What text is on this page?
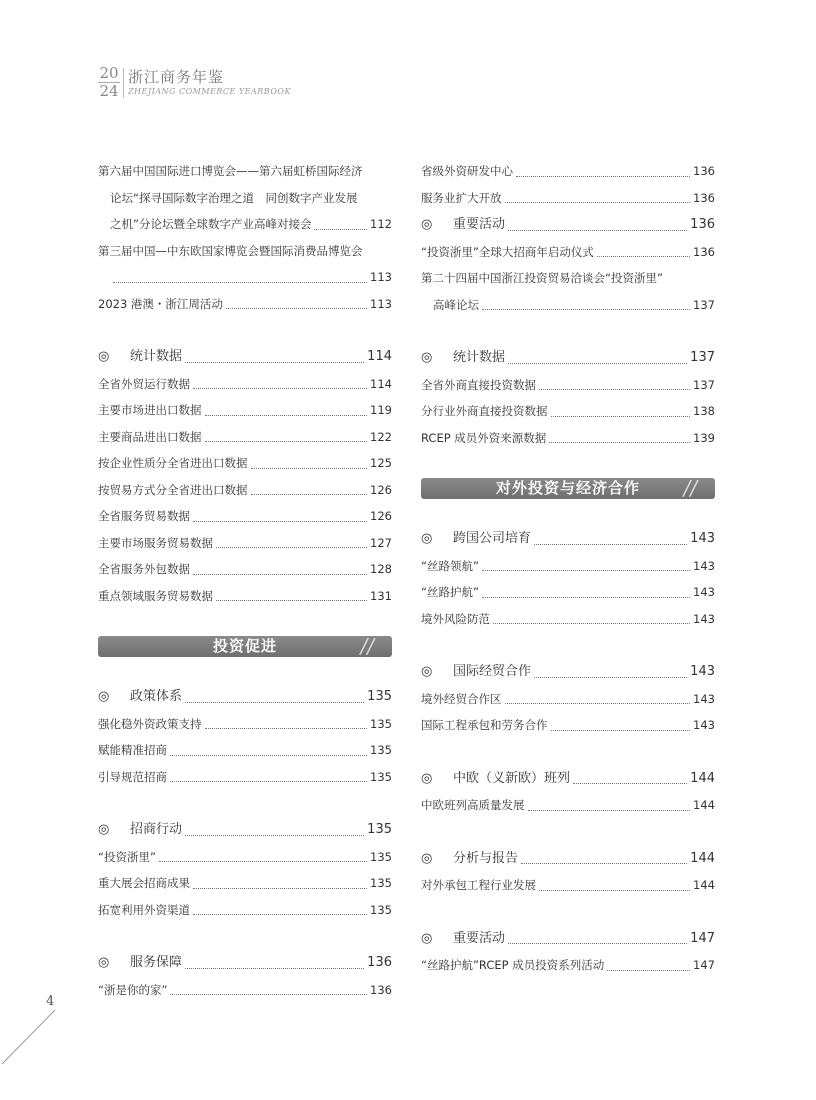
20
24
浙江商务年鉴
ZHEJIANG COMMERCE YEARBOOK
第六届中国国际进口博览会——第六届虹桥国际经济
论坛“探寻国际数字治理之道　同创数字产业发展
之机”分论坛暨全球数字产业高峰对接会	112
第三届中国—中东欧国家博览会暨国际消费品博览会
113
2023 港澳・浙江周活动	113
◎	统计数据	114
全省外贸运行数据	114
主要市场进出口数据	119
主要商品进出口数据	122
按企业性质分全省进出口数据	125
按贸易方式分全省进出口数据	126
全省服务贸易数据	126
主要市场服务贸易数据	127
全省服务外包数据	128
重点领域服务贸易数据	131
投资促进	//
◎	政策体系	135
强化稳外资政策支持	135
赋能精准招商	135
引导规范招商	135
◎	招商行动	135
“投资浙里”	135
重大展会招商成果	135
拓宽利用外资渠道	135
◎	服务保障	136
“浙是你的家”	136
省级外资研发中心	136
服务业扩大开放	136
◎	重要活动	136
“投资浙里”全球大招商年启动仪式	136
第二十四届中国浙江投资贸易洽谈会“投资浙里”
高峰论坛	137
◎	统计数据	137
全省外商直接投资数据	137
分行业外商直接投资数据	138
RCEP 成员外资来源数据	139
对外投资与经济合作	//
◎	跨国公司培育	143
“丝路领航”	143
“丝路护航”	143
境外风险防范	143
◎	国际经贸合作	143
境外经贸合作区	143
国际工程承包和劳务合作	143
◎	中欧（义新欧）班列	144
中欧班列高质量发展	144
◎	分析与报告	144
对外承包工程行业发展	144
◎	重要活动	147
“丝路护航”RCEP 成员投资系列活动	147
4
